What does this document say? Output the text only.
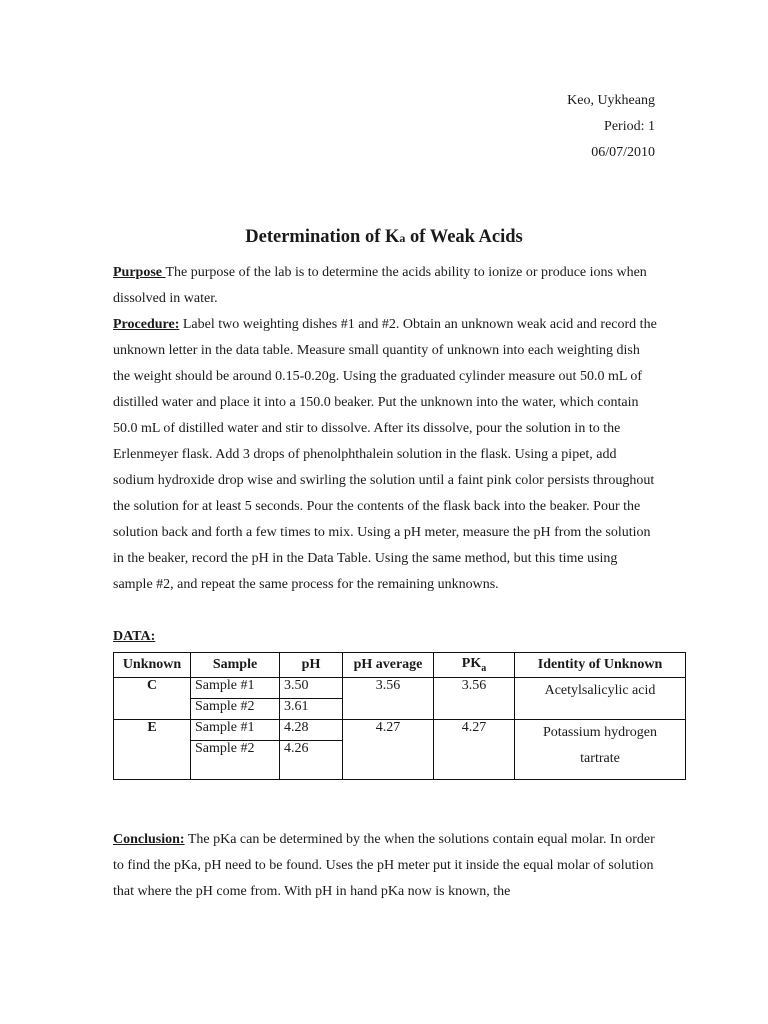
Keo, Uykheang
Period: 1
06/07/2010
Determination of Ka of Weak Acids
Purpose The purpose of the lab is to determine the acids ability to ionize or produce ions when dissolved in water.
Procedure: Label two weighting dishes #1 and #2. Obtain an unknown weak acid and record the unknown letter in the data table. Measure small quantity of unknown into each weighting dish the weight should be around 0.15-0.20g. Using the graduated cylinder measure out 50.0 mL of distilled water and place it into a 150.0 beaker. Put the unknown into the water, which contain 50.0 mL of distilled water and stir to dissolve. After its dissolve, pour the solution in to the Erlenmeyer flask. Add 3 drops of phenolphthalein solution in the flask. Using a pipet, add sodium hydroxide drop wise and swirling the solution until a faint pink color persists throughout the solution for at least 5 seconds. Pour the contents of the flask back into the beaker. Pour the solution back and forth a few times to mix. Using a pH meter, measure the pH from the solution in the beaker, record the pH in the Data Table. Using the same method, but this time using sample #2, and repeat the same process for the remaining unknowns.
DATA:
Unknown	Sample	pH	pH average	$PK_a$	Identity of Unknown
C	Sample #1	3.50	3.56	3.56	Acetylsalicylic acid
	Sample #2	3.61			
E	Sample #1	4.28	4.27	4.27	Potassium hydrogen tartrate
	Sample #2	4.26			
Conclusion: The pKa can be determined by the when the solutions contain equal molar. In order to find the pKa, pH need to be found. Uses the pH meter put it inside the equal molar of solution that where the pH come from. With pH in hand pKa now is known, the
